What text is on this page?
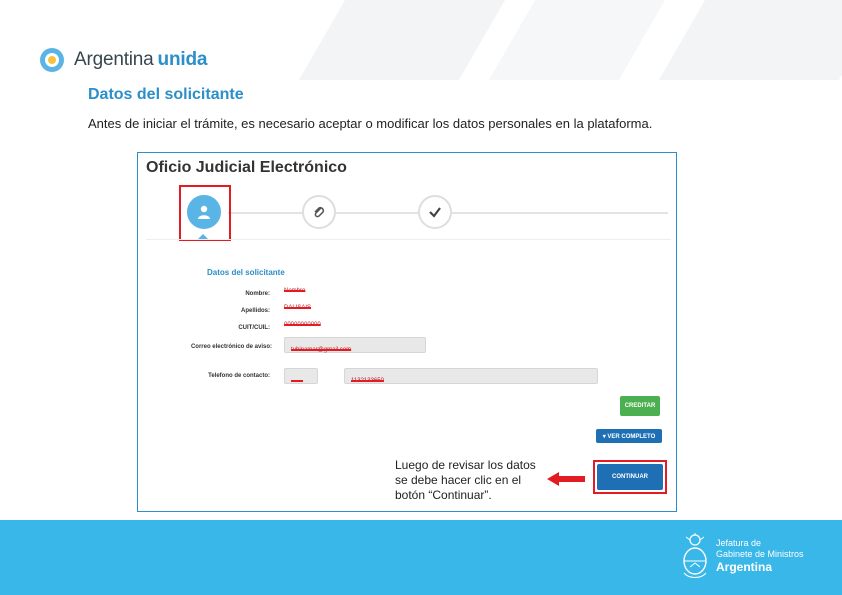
Argentina unida
Datos del solicitante
Antes de iniciar el trámite, es necesario aceptar o modificar los datos personales en la plataforma.
Oficio Judicial Electrónico
Datos del solicitante
Nombre: Nombre
Apellidos: DALISAIS
CUIT/CUIL: 00000000000
Correo electrónico de aviso:	tuhinamar@gmail.com
Telefono de contacto:
------	1132133650
CREDITAR
▾ VER COMPLETO
CONTINUAR
Luego de revisar los datos se debe hacer clic en el botón “Continuar”.
Jefatura de
Gabinete de Ministros
Argentina
